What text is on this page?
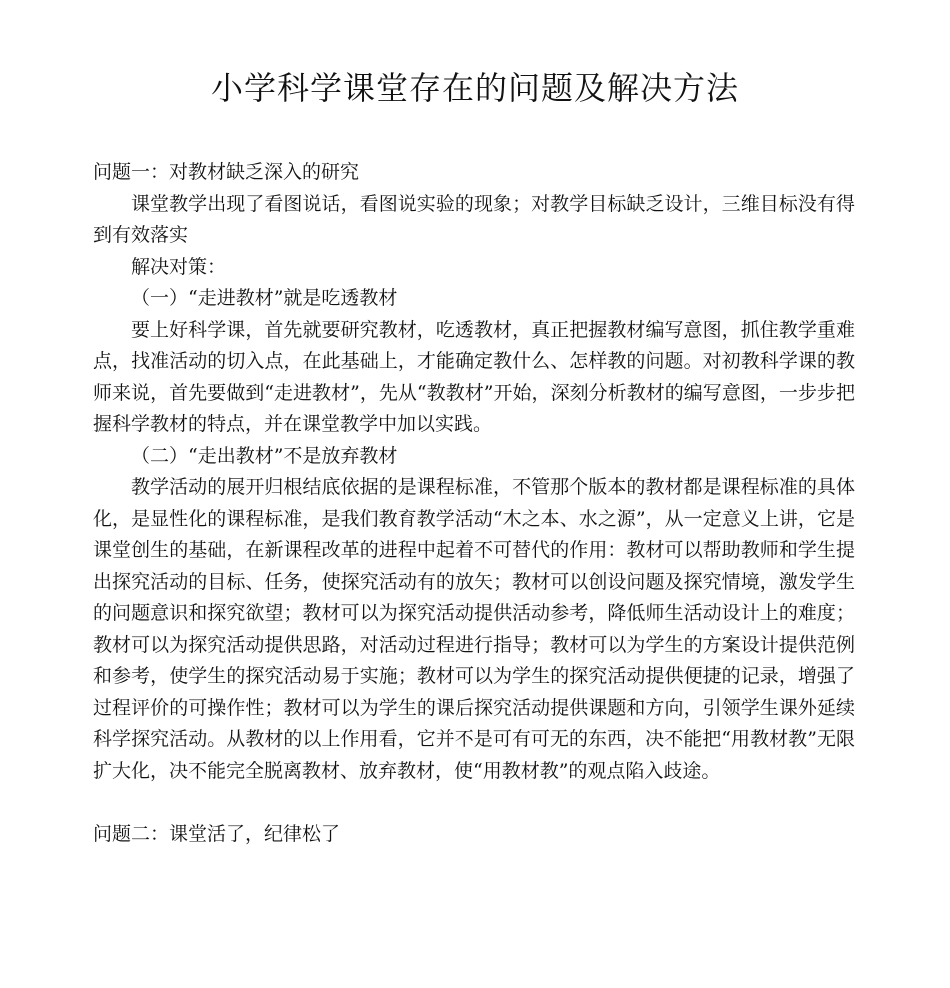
小学科学课堂存在的问题及解决方法

问题一：对教材缺乏深入的研究

课堂教学出现了看图说话，看图说实验的现象；对教学目标缺乏设计，三维目标没有得到有效落实

解决对策：

（一）“走进教材”就是吃透教材

要上好科学课，首先就要研究教材，吃透教材，真正把握教材编写意图，抓住教学重难点，找准活动的切入点，在此基础上，才能确定教什么、怎样教的问题。对初教科学课的教师来说，首先要做到“走进教材”，先从“教教材”开始，深刻分析教材的编写意图，一步步把握科学教材的特点，并在课堂教学中加以实践。

（二）“走出教材”不是放弃教材

教学活动的展开归根结底依据的是课程标准，不管那个版本的教材都是课程标准的具体化，是显性化的课程标准，是我们教育教学活动“木之本、水之源”，从一定意义上讲，它是课堂创生的基础，在新课程改革的进程中起着不可替代的作用：教材可以帮助教师和学生提出探究活动的目标、任务，使探究活动有的放矢；教材可以创设问题及探究情境，激发学生的问题意识和探究欲望；教材可以为探究活动提供活动参考，降低师生活动设计上的难度；教材可以为探究活动提供思路，对活动过程进行指导；教材可以为学生的方案设计提供范例和参考，使学生的探究活动易于实施；教材可以为学生的探究活动提供便捷的记录，增强了过程评价的可操作性；教材可以为学生的课后探究活动提供课题和方向，引领学生课外延续科学探究活动。从教材的以上作用看，它并不是可有可无的东西，决不能把“用教材教”无限扩大化，决不能完全脱离教材、放弃教材，使“用教材教”的观点陷入歧途。

问题二：课堂活了，纪律松了
